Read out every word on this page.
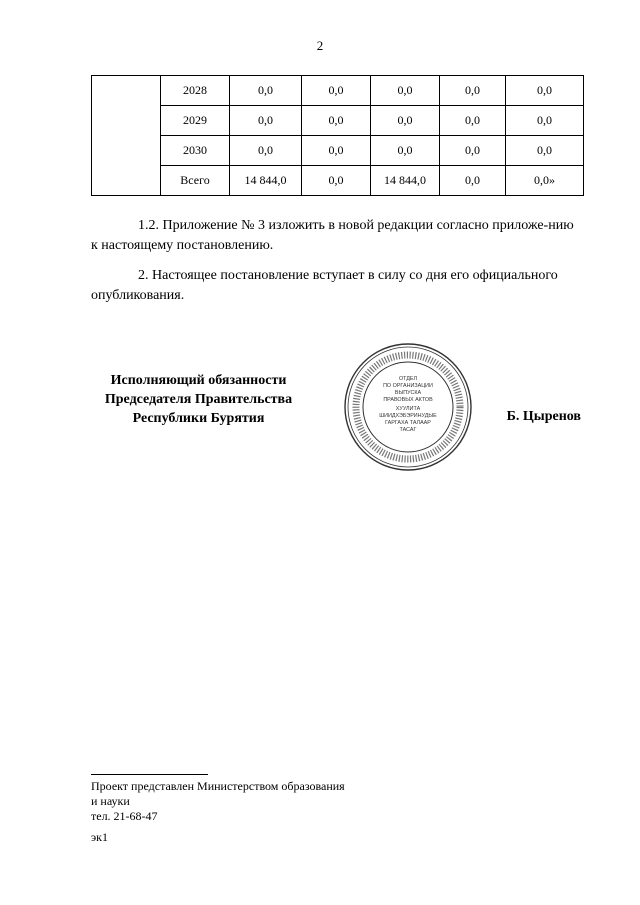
2
	2028	0,0	0,0	0,0	0,0	0,0
	2029	0,0	0,0	0,0	0,0	0,0
	2030	0,0	0,0	0,0	0,0	0,0
	Всего	14 844,0	0,0	14 844,0	0,0	0,0»

1.2. Приложение № 3 изложить в новой редакции согласно приложе-нию к настоящему постановлению.

2. Настоящее постановление вступает в силу со дня его официального опубликования.

Исполняющий обязанности
Председателя Правительства
Республики Бурятия
ОТДЕЛ
ПО ОРГАНИЗАЦИИ
ВЫПУСКА
ПРАВОВЫХ АКТОВ
ХУУЛИТА
ШИИДХЭБЭРИНУДЫЕ
ГАРГАХА ТАЛААР
ТАСАГ
Б. Цыренов
Проект представлен Министерством образования
и науки
тел. 21-68-47
эк1
